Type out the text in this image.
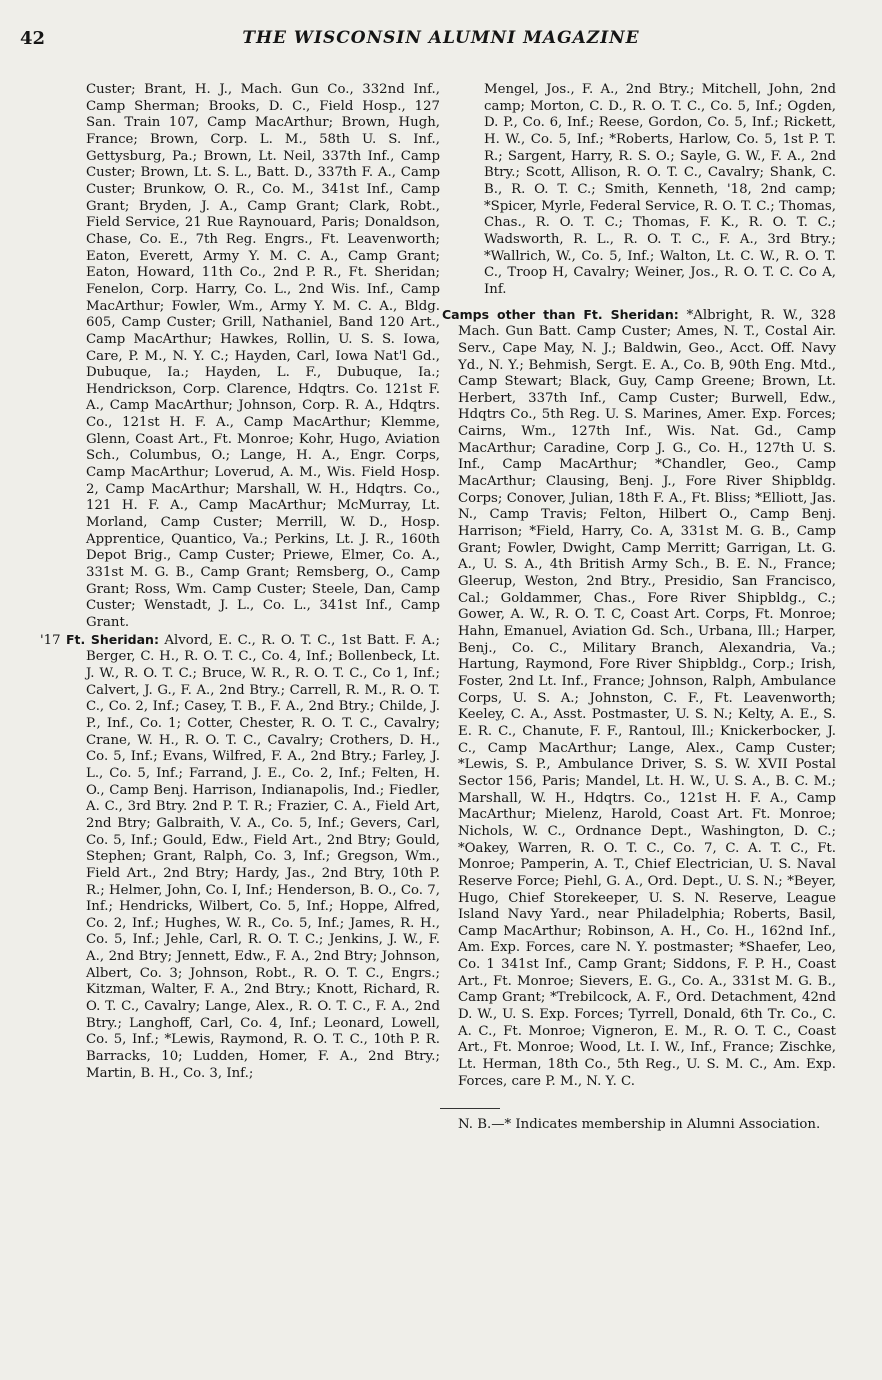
42	THE WISCONSIN ALUMNI MAGAZINE

Custer; Brant, H. J., Mach. Gun Co., 332nd Inf., Camp Sherman; Brooks, D. C., Field Hosp., 127 San. Train 107, Camp MacArthur; Brown, Hugh, France; Brown, Corp. L. M., 58th U. S. Inf., Gettysburg, Pa.; Brown, Lt. Neil, 337th Inf., Camp Custer; Brown, Lt. S. L., Batt. D., 337th F. A., Camp Custer; Brunkow, O. R., Co. M., 341st Inf., Camp Grant; Bryden, J. A., Camp Grant; Clark, Robt., Field Service, 21 Rue Raynouard, Paris; Donaldson, Chase, Co. E., 7th Reg. Engrs., Ft. Leavenworth; Eaton, Everett, Army Y. M. C. A., Camp Grant; Eaton, Howard, 11th Co., 2nd P. R., Ft. Sheridan; Fenelon, Corp. Harry, Co. L., 2nd Wis. Inf., Camp MacArthur; Fowler, Wm., Army Y. M. C. A., Bldg. 605, Camp Custer; Grill, Nathaniel, Band 120 Art., Camp MacArthur; Hawkes, Rollin, U. S. S. Iowa, Care, P. M., N. Y. C.; Hayden, Carl, Iowa Nat'l Gd., Dubuque, Ia.; Hayden, L. F., Dubuque, Ia.; Hendrickson, Corp. Clarence, Hdqtrs. Co. 121st F. A., Camp MacArthur; Johnson, Corp. R. A., Hdqtrs. Co., 121st H. F. A., Camp MacArthur; Klemme, Glenn, Coast Art., Ft. Monroe; Kohr, Hugo, Aviation Sch., Columbus, O.; Lange, H. A., Engr. Corps, Camp MacArthur; Loverud, A. M., Wis. Field Hosp. 2, Camp MacArthur; Marshall, W. H., Hdqtrs. Co., 121 H. F. A., Camp MacArthur; McMurray, Lt. Morland, Camp Custer; Merrill, W. D., Hosp. Apprentice, Quantico, Va.; Perkins, Lt. J. R., 160th Depot Brig., Camp Custer; Priewe, Elmer, Co. A., 331st M. G. B., Camp Grant; Remsberg, O., Camp Grant; Ross, Wm. Camp Custer; Steele, Dan, Camp Custer; Wenstadt, J. L., Co. L., 341st Inf., Camp Grant.

'17 Ft. Sheridan: Alvord, E. C., R. O. T. C., 1st Batt. F. A.; Berger, C. H., R. O. T. C., Co. 4, Inf.; Bollenbeck, Lt. J. W., R. O. T. C.; Bruce, W. R., R. O. T. C., Co 1, Inf.; Calvert, J. G., F. A., 2nd Btry.; Carrell, R. M., R. O. T. C., Co. 2, Inf.; Casey, T. B., F. A., 2nd Btry.; Childe, J. P., Inf., Co. 1; Cotter, Chester, R. O. T. C., Cavalry; Crane, W. H., R. O. T. C., Cavalry; Crothers, D. H., Co. 5, Inf.; Evans, Wilfred, F. A., 2nd Btry.; Farley, J. L., Co. 5, Inf.; Farrand, J. E., Co. 2, Inf.; Felten, H. O., Camp Benj. Harrison, Indianapolis, Ind.; Fiedler, A. C., 3rd Btry. 2nd P. T. R.; Frazier, C. A., Field Art, 2nd Btry; Galbraith, V. A., Co. 5, Inf.; Gevers, Carl, Co. 5, Inf.; Gould, Edw., Field Art., 2nd Btry; Gould, Stephen; Grant, Ralph, Co. 3, Inf.; Gregson, Wm., Field Art., 2nd Btry; Hardy, Jas., 2nd Btry, 10th P. R.; Helmer, John, Co. I, Inf.; Henderson, B. O., Co. 7, Inf.; Hendricks, Wilbert, Co. 5, Inf.; Hoppe, Alfred, Co. 2, Inf.; Hughes, W. R., Co. 5, Inf.; James, R. H., Co. 5, Inf.; Jehle, Carl, R. O. T. C.; Jenkins, J. W., F. A., 2nd Btry; Jennett, Edw., F. A., 2nd Btry; Johnson, Albert, Co. 3; Johnson, Robt., R. O. T. C., Engrs.; Kitzman, Walter, F. A., 2nd Btry.; Knott, Richard, R. O. T. C., Cavalry; Lange, Alex., R. O. T. C., F. A., 2nd Btry.; Langhoff, Carl, Co. 4, Inf.; Leonard, Lowell, Co. 5, Inf.; *Lewis, Raymond, R. O. T. C., 10th P. R. Barracks, 10; Ludden, Homer, F. A., 2nd Btry.; Martin, B. H., Co. 3, Inf.;

Mengel, Jos., F. A., 2nd Btry.; Mitchell, John, 2nd camp; Morton, C. D., R. O. T. C., Co. 5, Inf.; Ogden, D. P., Co. 6, Inf.; Reese, Gordon, Co. 5, Inf.; Rickett, H. W., Co. 5, Inf.; *Roberts, Harlow, Co. 5, 1st P. T. R.; Sargent, Harry, R. S. O.; Sayle, G. W., F. A., 2nd Btry.; Scott, Allison, R. O. T. C., Cavalry; Shank, C. B., R. O. T. C.; Smith, Kenneth, '18, 2nd camp; *Spicer, Myrle, Federal Service, R. O. T. C.; Thomas, Chas., R. O. T. C.; Thomas, F. K., R. O. T. C.; Wadsworth, R. L., R. O. T. C., F. A., 3rd Btry.; *Wallrich, W., Co. 5, Inf.; Walton, Lt. C. W., R. O. T. C., Troop H, Cavalry; Weiner, Jos., R. O. T. C. Co A, Inf.

Camps other than Ft. Sheridan: *Albright, R. W., 328 Mach. Gun Batt. Camp Custer; Ames, N. T., Costal Air. Serv., Cape May, N. J.; Baldwin, Geo., Acct. Off. Navy Yd., N. Y.; Behmish, Sergt. E. A., Co. B, 90th Eng. Mtd., Camp Stewart; Black, Guy, Camp Greene; Brown, Lt. Herbert, 337th Inf., Camp Custer; Burwell, Edw., Hdqtrs Co., 5th Reg. U. S. Marines, Amer. Exp. Forces; Cairns, Wm., 127th Inf., Wis. Nat. Gd., Camp MacArthur; Caradine, Corp J. G., Co. H., 127th U. S. Inf., Camp MacArthur; *Chandler, Geo., Camp MacArthur; Clausing, Benj. J., Fore River Shipbldg. Corps; Conover, Julian, 18th F. A., Ft. Bliss; *Elliott, Jas. N., Camp Travis; Felton, Hilbert O., Camp Benj. Harrison; *Field, Harry, Co. A, 331st M. G. B., Camp Grant; Fowler, Dwight, Camp Merritt; Garrigan, Lt. G. A., U. S. A., 4th British Army Sch., B. E. N., France; Gleerup, Weston, 2nd Btry., Presidio, San Francisco, Cal.; Goldammer, Chas., Fore River Shipbldg., C.; Gower, A. W., R. O. T. C, Coast Art. Corps, Ft. Monroe; Hahn, Emanuel, Aviation Gd. Sch., Urbana, Ill.; Harper, Benj., Co. C., Military Branch, Alexandria, Va.; Hartung, Raymond, Fore River Shipbldg., Corp.; Irish, Foster, 2nd Lt. Inf., France; Johnson, Ralph, Ambulance Corps, U. S. A.; Johnston, C. F., Ft. Leavenworth; Keeley, C. A., Asst. Postmaster, U. S. N.; Kelty, A. E., S. E. R. C., Chanute, F. F., Rantoul, Ill.; Knickerbocker, J. C., Camp MacArthur; Lange, Alex., Camp Custer; *Lewis, S. P., Ambulance Driver, S. S. W. XVII Postal Sector 156, Paris; Mandel, Lt. H. W., U. S. A., B. C. M.; Marshall, W. H., Hdqtrs. Co., 121st H. F. A., Camp MacArthur; Mielenz, Harold, Coast Art. Ft. Monroe; Nichols, W. C., Ordnance Dept., Washington, D. C.; *Oakey, Warren, R. O. T. C., Co. 7, C. A. T. C., Ft. Monroe; Pamperin, A. T., Chief Electrician, U. S. Naval Reserve Force; Piehl, G. A., Ord. Dept., U. S. N.; *Beyer, Hugo, Chief Storekeeper, U. S. N. Reserve, League Island Navy Yard., near Philadelphia; Roberts, Basil, Camp MacArthur; Robinson, A. H., Co. H., 162nd Inf., Am. Exp. Forces, care N. Y. postmaster; *Shaefer, Leo, Co. 1 341st Inf., Camp Grant; Siddons, F. P. H., Coast Art., Ft. Monroe; Sievers, E. G., Co. A., 331st M. G. B., Camp Grant; *Trebilcock, A. F., Ord. Detachment, 42nd D. W., U. S. Exp. Forces; Tyrrell, Donald, 6th Tr. Co., C. A. C., Ft. Monroe; Vigneron, E. M., R. O. T. C., Coast Art., Ft. Monroe; Wood, Lt. I. W., Inf., France; Zischke, Lt. Herman, 18th Co., 5th Reg., U. S. M. C., Am. Exp. Forces, care P. M., N. Y. C.

N. B.—* Indicates membership in Alumni Association.
